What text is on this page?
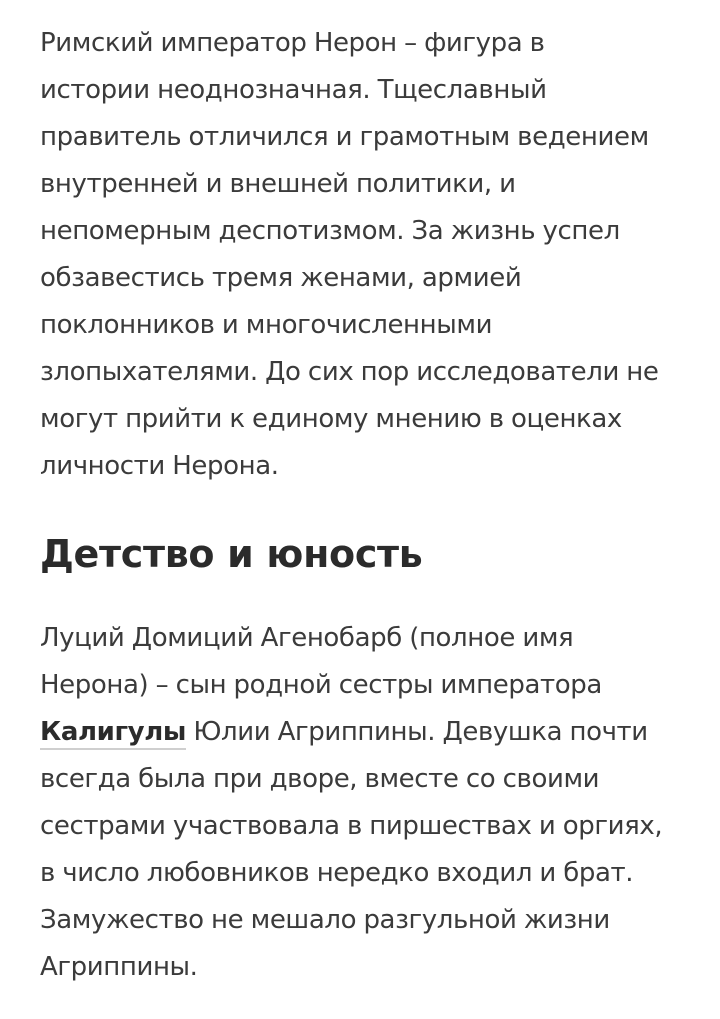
Римский император Нерон – фигура в
истории неоднозначная. Тщеславный
правитель отличился и грамотным ведением
внутренней и внешней политики, и
непомерным деспотизмом. За жизнь успел
обзавестись тремя женами, армией
поклонников и многочисленными
злопыхателями. До сих пор исследователи не
могут прийти к единому мнению в оценках
личности Нерона.

Детство и юность

Луций Домиций Агенобарб (полное имя
Нерона) – сын родной сестры императора
Калигулы Юлии Агриппины. Девушка почти
всегда была при дворе, вместе со своими
сестрами участвовала в пиршествах и оргиях,
в число любовников нередко входил и брат.
Замужество не мешало разгульной жизни
Агриппины.
